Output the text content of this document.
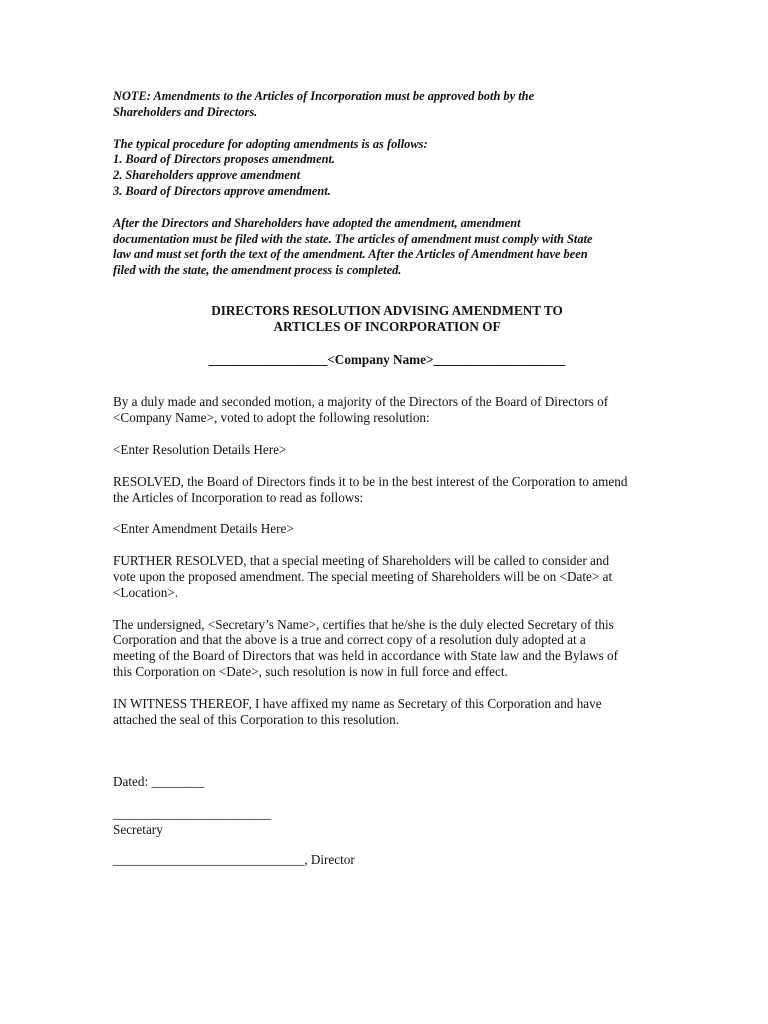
NOTE: Amendments to the Articles of Incorporation must be approved both by the

Shareholders and Directors.

The typical procedure for adopting amendments is as follows:

1. Board of Directors proposes amendment.

2. Shareholders approve amendment

3. Board of Directors approve amendment.

After the Directors and Shareholders have adopted the amendment, amendment

documentation must be filed with the state. The articles of amendment must comply with State

law and must set forth the text of the amendment. After the Articles of Amendment have been

filed with the state, the amendment process is completed.

DIRECTORS RESOLUTION ADVISING AMENDMENT TO

ARTICLES OF INCORPORATION OF

__________________<Company Name>____________________

By a duly made and seconded motion, a majority of the Directors of the Board of Directors of

<Company Name>, voted to adopt the following resolution:

<Enter Resolution Details Here>

RESOLVED, the Board of Directors finds it to be in the best interest of the Corporation to amend

the Articles of Incorporation to read as follows:

<Enter Amendment Details Here>

FURTHER RESOLVED, that a special meeting of Shareholders will be called to consider and

vote upon the proposed amendment. The special meeting of Shareholders will be on <Date> at

<Location>.

The undersigned, <Secretary’s Name>, certifies that he/she is the duly elected Secretary of this

Corporation and that the above is a true and correct copy of a resolution duly adopted at a

meeting of the Board of Directors that was held in accordance with State law and the Bylaws of

this Corporation on <Date>, such resolution is now in full force and effect.

IN WITNESS THEREOF, I have affixed my name as Secretary of this Corporation and have

attached the seal of this Corporation to this resolution.

Dated: ________

________________________

Secretary

_____________________________, Director
